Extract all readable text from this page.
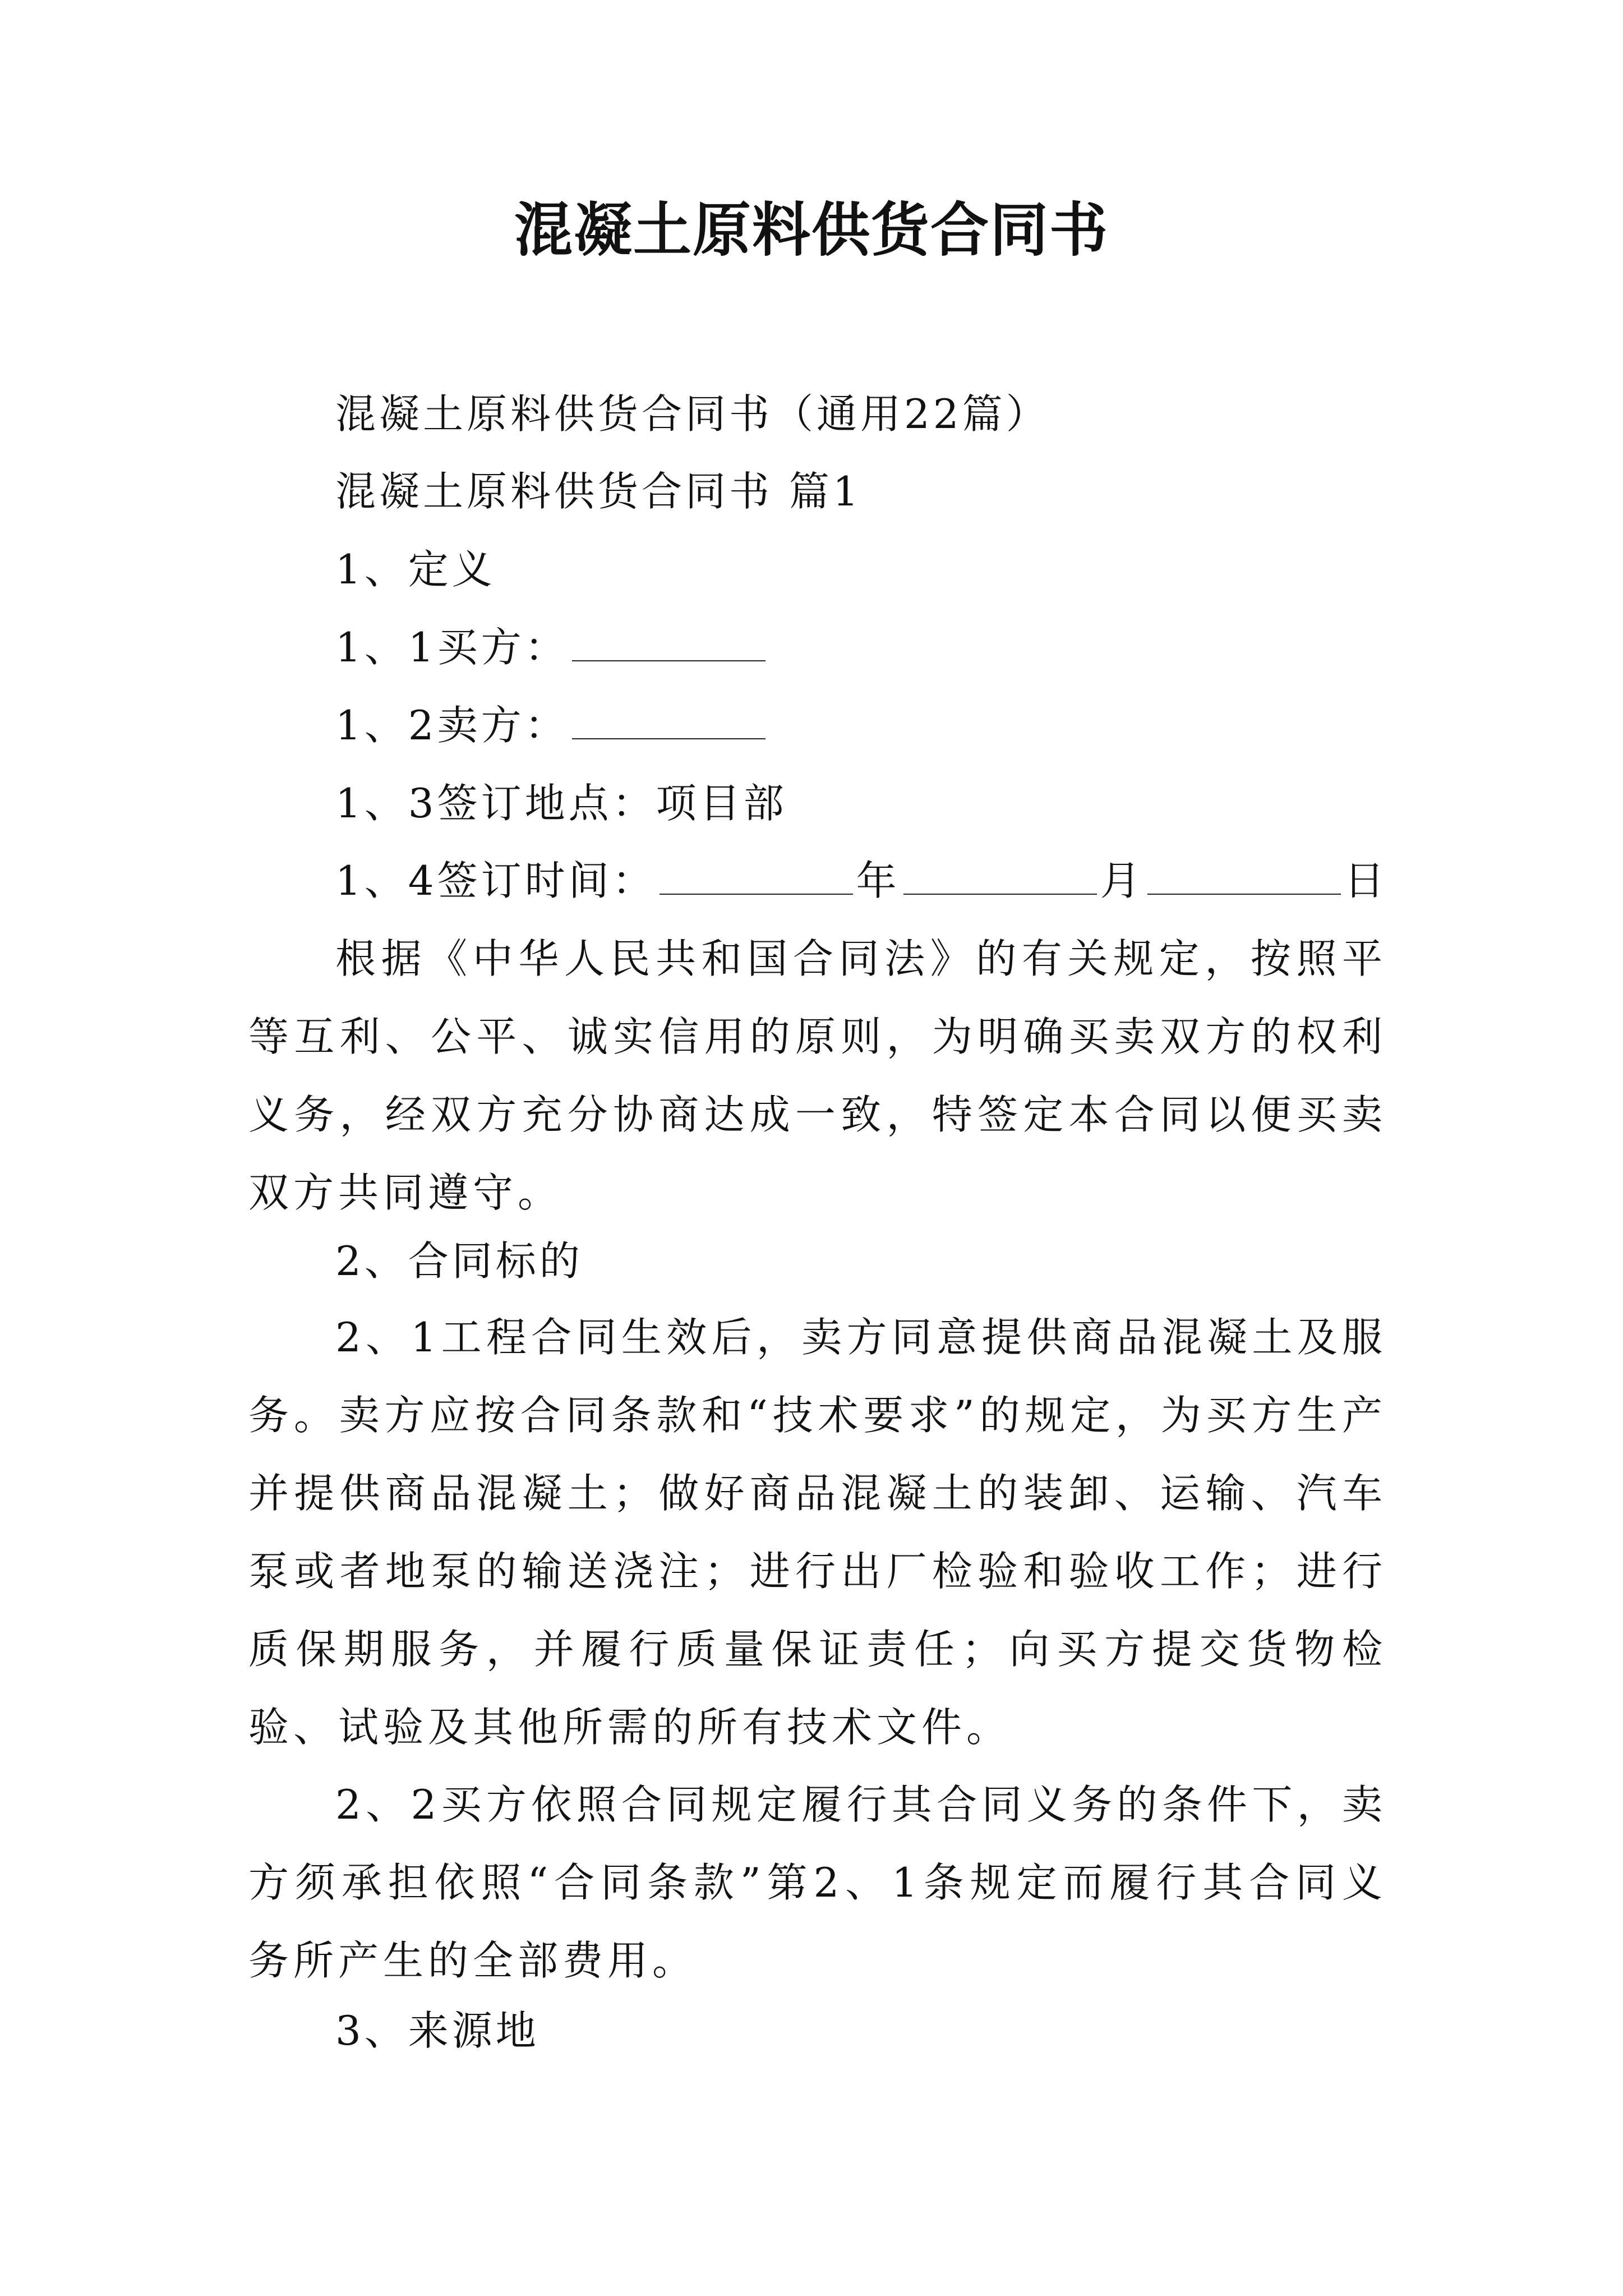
混凝土原料供货合同书
混凝土原料供货合同书（通用22篇）
混凝土原料供货合同书 篇1
1、定义
1、1买方：
1、2卖方：
1、3签订地点：项目部
1、4签订时间：	年	月	日
根据《中华人民共和国合同法》的有关规定，按照平等互利、公平、诚实信用的原则，为明确买卖双方的权利义务，经双方充分协商达成一致，特签定本合同以便买卖双方共同遵守。
2、合同标的
2、1工程合同生效后，卖方同意提供商品混凝土及服务。卖方应按合同条款和“技术要求”的规定，为买方生产并提供商品混凝土；做好商品混凝土的装卸、运输、汽车泵或者地泵的输送浇注；进行出厂检验和验收工作；进行质保期服务，并履行质量保证责任；向买方提交货物检验、试验及其他所需的所有技术文件。
2、2买方依照合同规定履行其合同义务的条件下，卖方须承担依照“合同条款”第2、1条规定而履行其合同义务所产生的全部费用。
3、来源地
